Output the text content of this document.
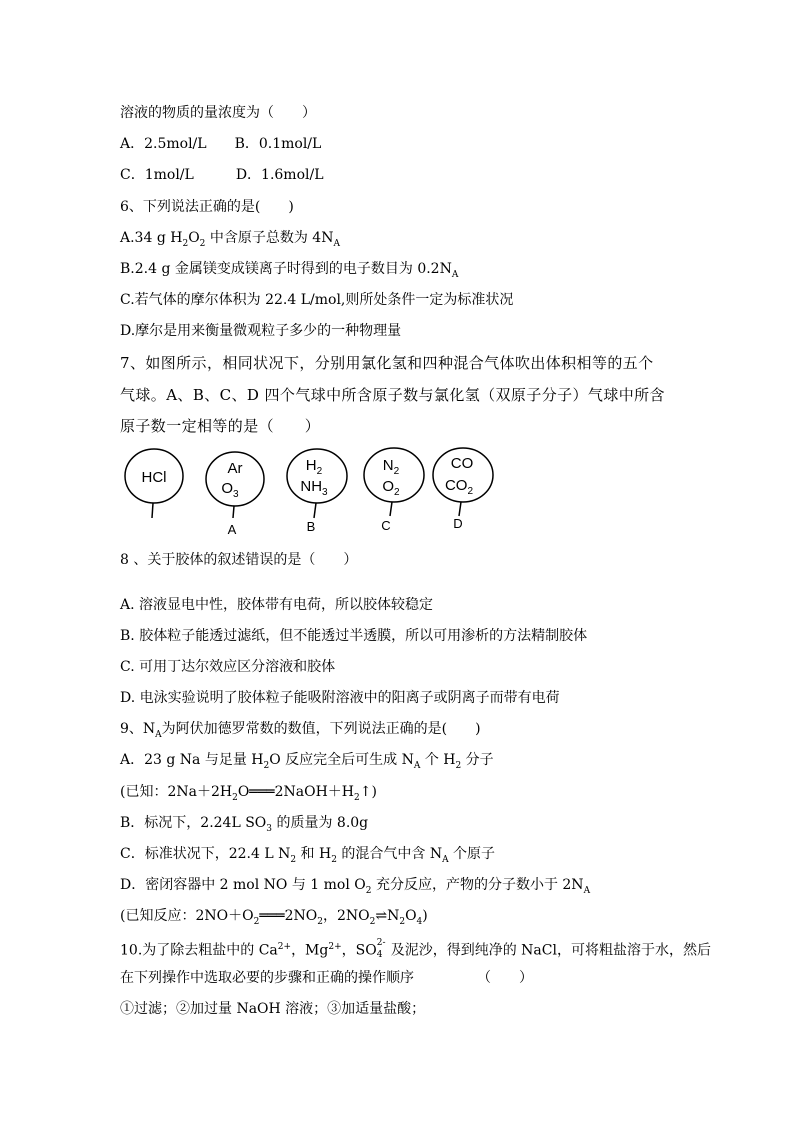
溶液的物质的量浓度为（　　）
A．2.5mol/L　　B．0.1mol/L
C．1mol/L　　　D．1.6mol/L
6、下列说法正确的是(　　)
A.34 g $H_2O_2$ 中含原子总数为 $4N_A$
B.2.4 g 金属镁变成镁离子时得到的电子数目为 $0.2N_A$
C.若气体的摩尔体积为 22.4 L/mol,则所处条件一定为标准状况
D.摩尔是用来衡量微观粒子多少的一种物理量
7、如图所示，相同状况下，分别用氯化氢和四种混合气体吹出体积相等的五个
气球。A、B、C、D 四个气球中所含原子数与氯化氢（双原子分子）气球中所含
原子数一定相等的是（　　）
HCl
Ar
$O_3$
A
$H_2$
$NH_3$
B
$N_2$
$O_2$
C
CO
$CO_2$
D
8 、关于胶体的叙述错误的是（　　）
A. 溶液显电中性，胶体带有电荷，所以胶体较稳定
B. 胶体粒子能透过滤纸，但不能透过半透膜，所以可用渗析的方法精制胶体
C. 可用丁达尔效应区分溶液和胶体
D. 电泳实验说明了胶体粒子能吸附溶液中的阳离子或阴离子而带有电荷
9、$N_A$为阿伏加德罗常数的数值，下列说法正确的是(　　)
A．23 g Na 与足量 $H_2O$ 反应完全后可生成 $N_A$ 个 $H_2$ 分子
(已知：$2Na+2H_2O═══2NaOH+H_2↑$)
B．标况下，2.24L $SO_3$ 的质量为 8.0g
C．标准状况下，22.4 L $N_2$ 和 $H_2$ 的混合气中含 $N_A$ 个原子
D．密闭容器中 2 mol NO 与 1 mol $O_2$ 充分反应，产物的分子数小于 $2N_A$
(已知反应：$2NO+O_2═══2NO_2$，$2NO_2\rightleftharpoons N_2O_4$)
10.为了除去粗盐中的 $Ca^{2+}$，$Mg^{2+}$，SO 2-
4 及泥沙，得到纯净的 NaCl，可将粗盐溶于水，然后
在下列操作中选取必要的步骤和正确的操作顺序　　　　　（　　）
①过滤；②加过量 NaOH 溶液；③加适量盐酸；
